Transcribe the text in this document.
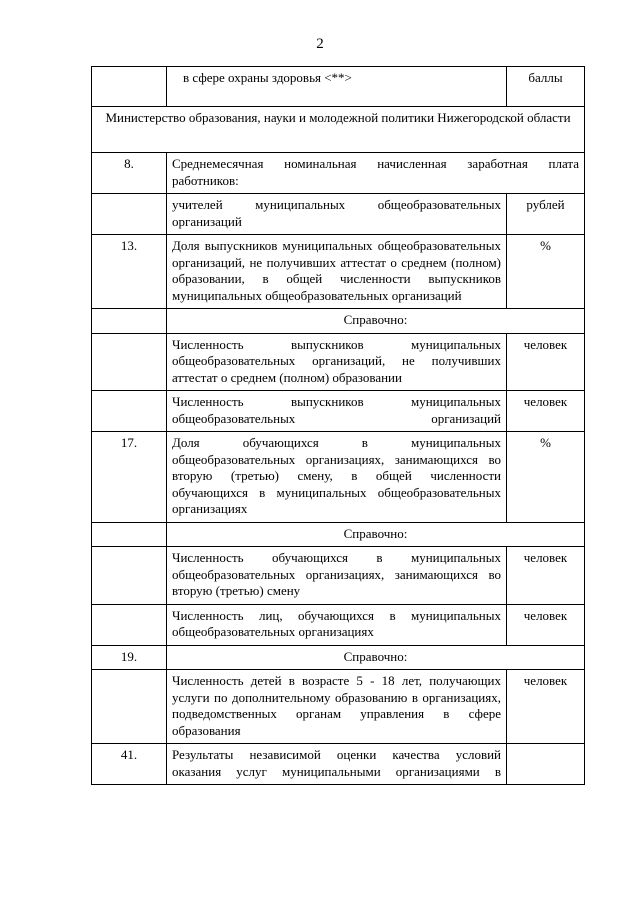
2
	в сфере охраны здоровья <**>	баллы
Министерство образования, науки и молодежной политики Нижегородской области		
8.	Среднемесячная номинальная начисленная заработная плата работников:	
	учителей муниципальных общеобразовательных организаций	рублей
13.	Доля выпускников муниципальных общеобразовательных организаций, не получивших аттестат о среднем (полном) образовании, в общей численности выпускников муниципальных общеобразовательных организаций	%
	Справочно:	
	Численность выпускников муниципальных общеобразовательных организаций, не получивших аттестат о среднем (полном) образовании	человек
	Численность выпускников муниципальных общеобразовательных организаций	человек
17.	Доля обучающихся в муниципальных общеобразовательных организациях, занимающихся во вторую (третью) смену, в общей численности обучающихся в муниципальных общеобразовательных организациях	%
	Справочно:	
	Численность обучающихся в муниципальных общеобразовательных организациях, занимающихся во вторую (третью) смену	человек
	Численность лиц, обучающихся в муниципальных общеобразовательных организациях	человек
19.	Справочно:	
	Численность детей в возрасте 5 - 18 лет, получающих услуги по дополнительному образованию в организациях, подведомственных органам управления в сфере образования	человек
41.	Результаты независимой оценки качества условий оказания услуг муниципальными организациями в	
